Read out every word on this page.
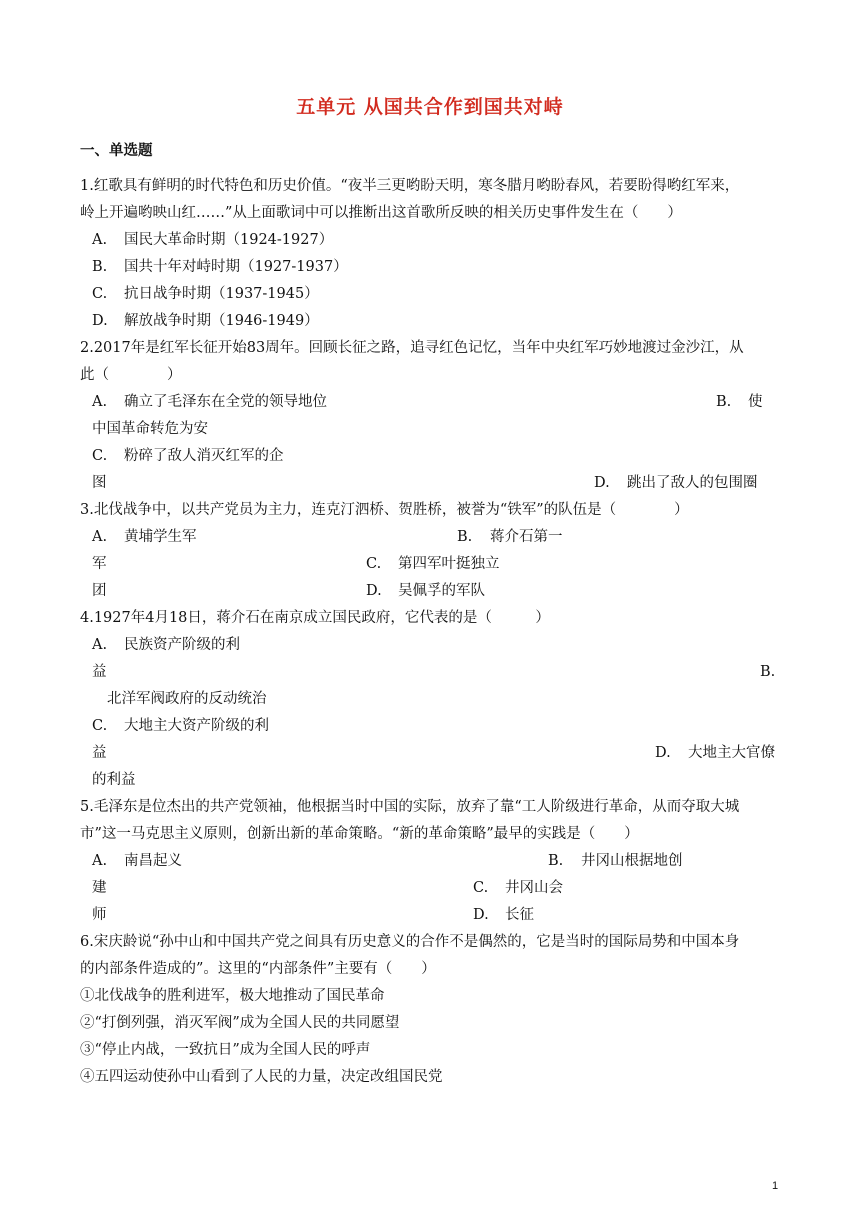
五单元 从国共合作到国共对峙
一、单选题
1.红歌具有鲜明的时代特色和历史价值。“夜半三更哟盼天明，寒冬腊月哟盼春风，若要盼得哟红军来，
岭上开遍哟映山红……”从上面歌词中可以推断出这首歌所反映的相关历史事件发生在（　　）
A. 国民大革命时期（1924-1927）
B. 国共十年对峙时期（1927-1937）
C. 抗日战争时期（1937-1945）
D. 解放战争时期（1946-1949）
2.2017年是红军长征开始83周年。回顾长征之路，追寻红色记忆，当年中央红军巧妙地渡过金沙江，从
此（　　　　）
A. 确立了毛泽东在全党的领导地位	B. 使
中国革命转危为安
C. 粉碎了敌人消灭红军的企
图	D. 跳出了敌人的包围圈
3.北伐战争中，以共产党员为主力，连克汀泗桥、贺胜桥，被誉为“铁军”的队伍是（　　　　）
A. 黄埔学生军	B. 蒋介石第一
军	C. 第四军叶挺独立
团	D. 吴佩孚的军队
4.1927年4月18日，蒋介石在南京成立国民政府，它代表的是（　　　）
A. 民族资产阶级的利
益	B.
北洋军阀政府的反动统治
C. 大地主大资产阶级的利
益	D. 大地主大官僚
的利益
5.毛泽东是位杰出的共产党领袖，他根据当时中国的实际，放弃了靠“工人阶级进行革命，从而夺取大城
市”这一马克思主义原则，创新出新的革命策略。“新的革命策略”最早的实践是（　　）
A. 南昌起义	B. 井冈山根据地创
建	C. 井冈山会
师	D. 长征
6.宋庆龄说“孙中山和中国共产党之间具有历史意义的合作不是偶然的，它是当时的国际局势和中国本身
的内部条件造成的”。这里的“内部条件”主要有（　　）
①北伐战争的胜利进军，极大地推动了国民革命
②“打倒列强，消灭军阀”成为全国人民的共同愿望
③“停止内战，一致抗日”成为全国人民的呼声
④五四运动使孙中山看到了人民的力量，决定改组国民党
1
